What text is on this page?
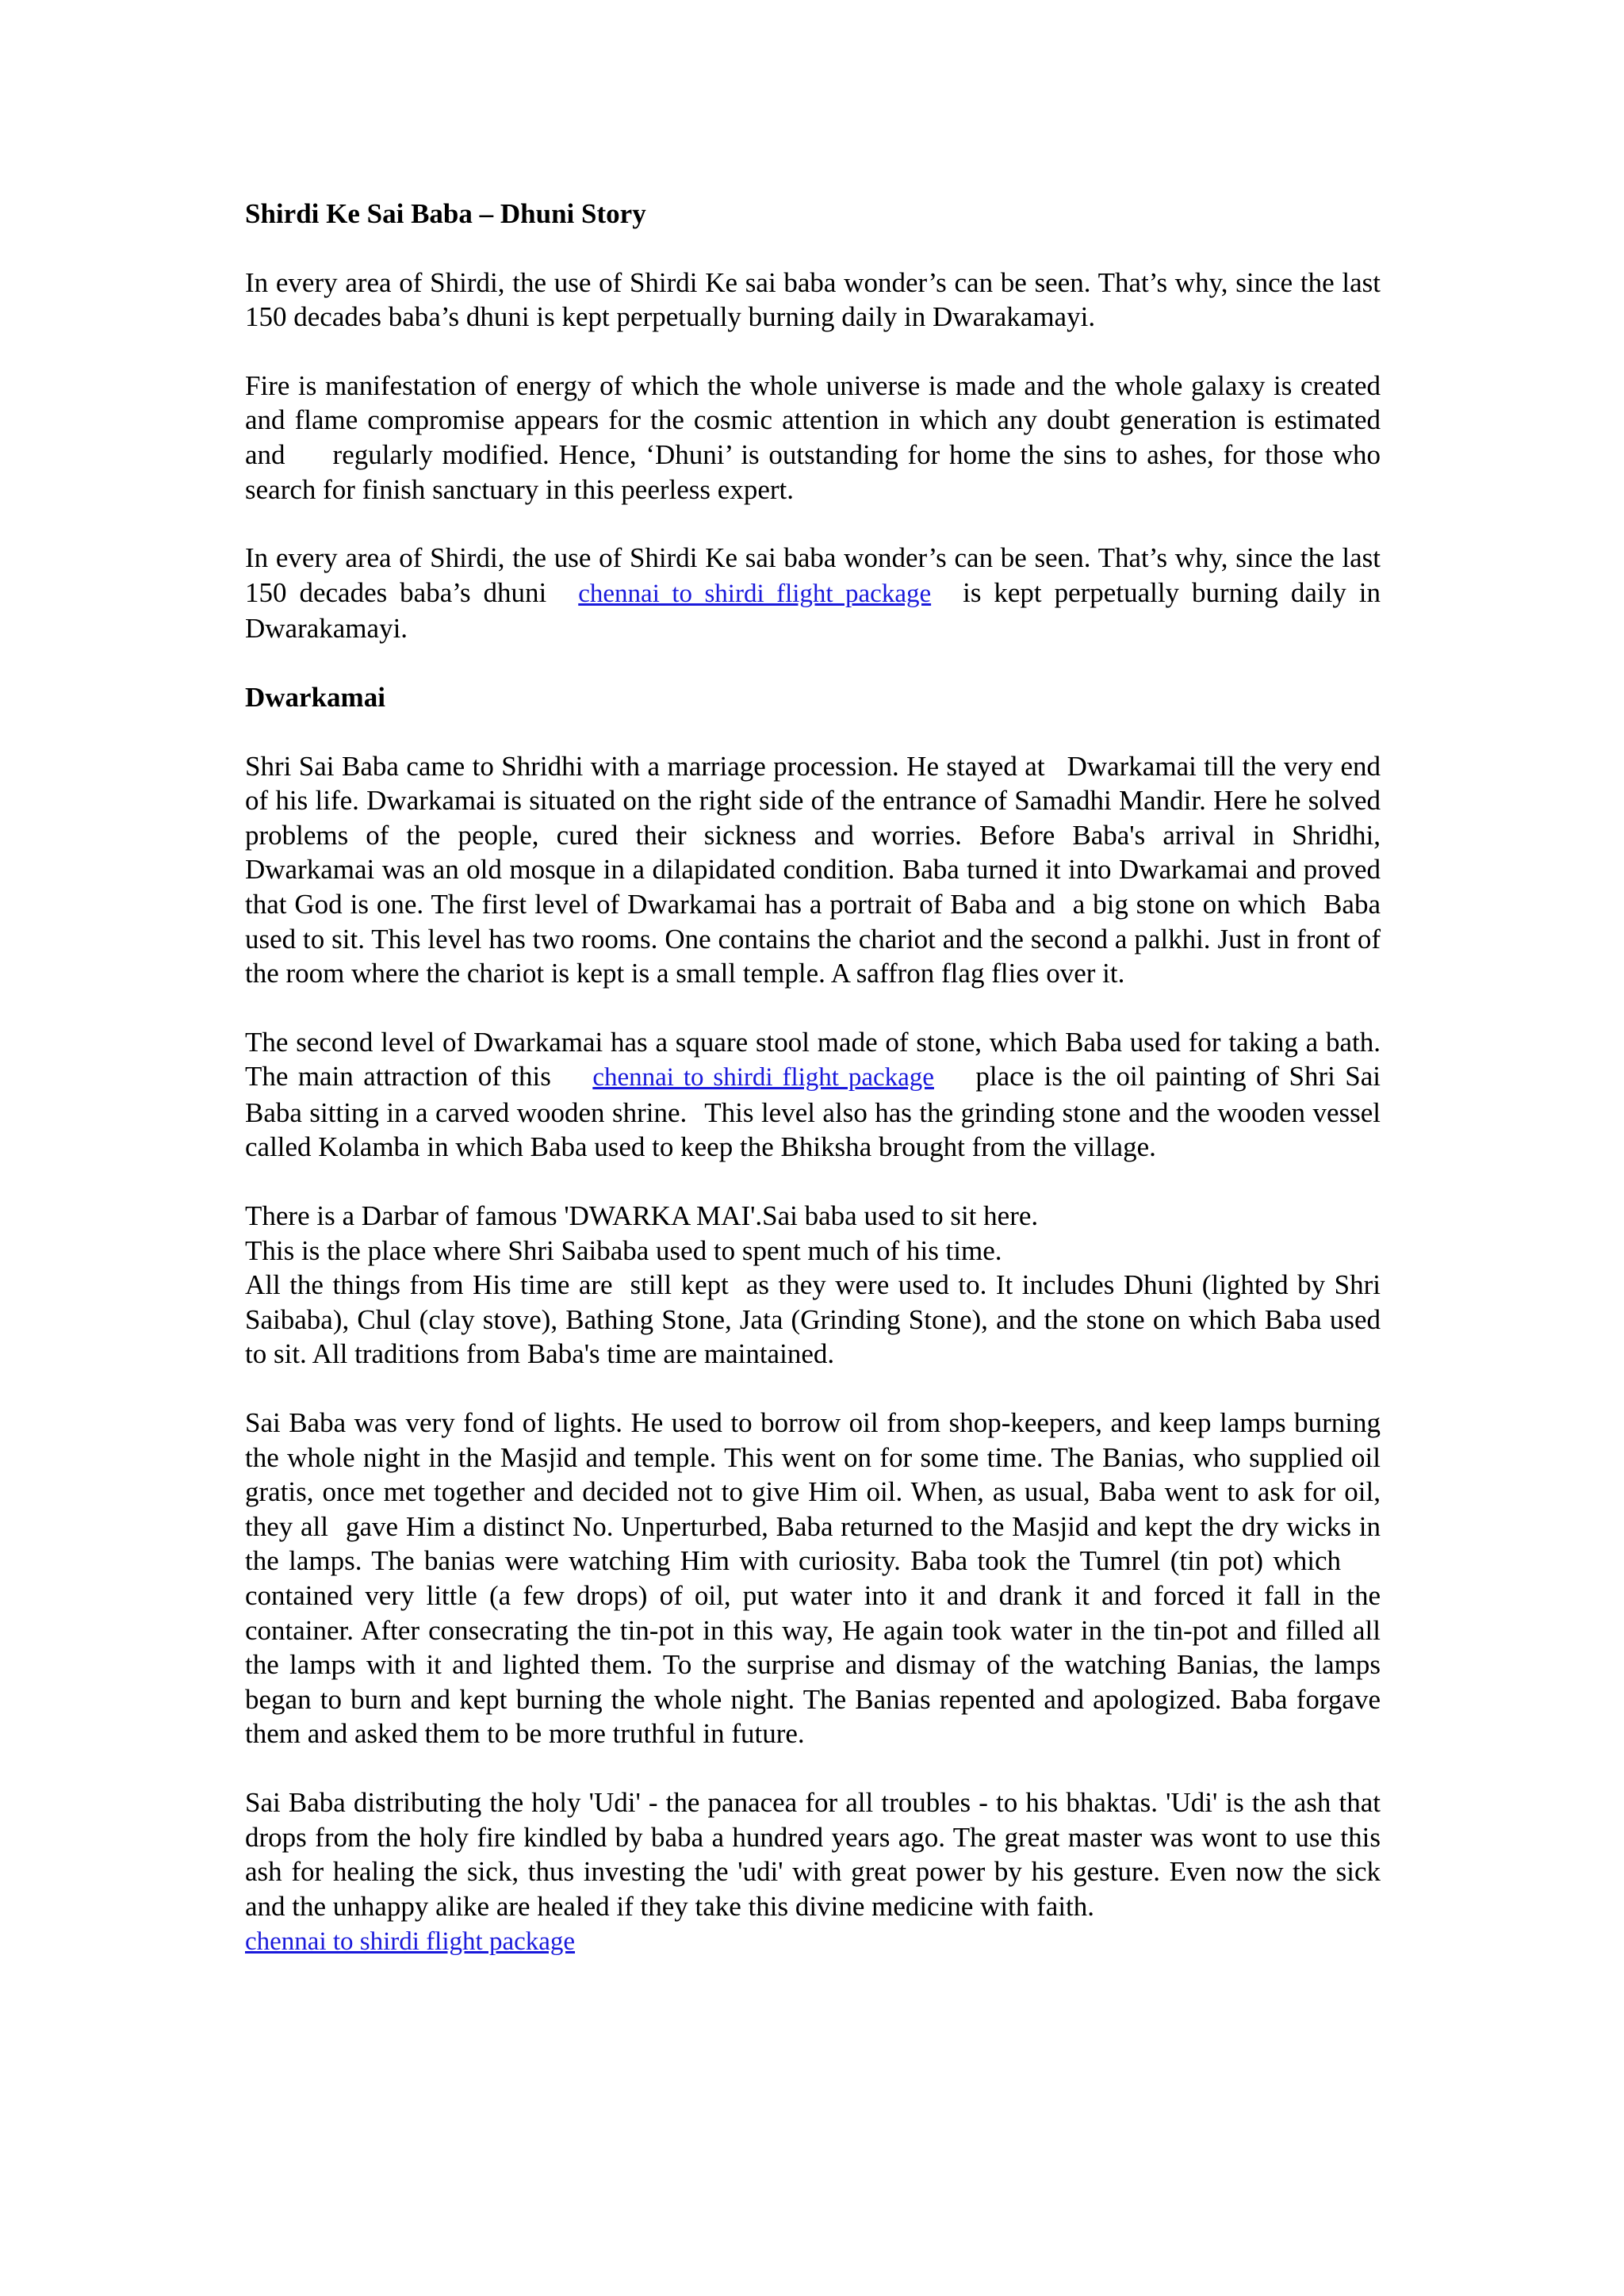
Shirdi Ke Sai Baba – Dhuni Story
In every area of Shirdi, the use of Shirdi Ke sai baba wonder’s can be seen. That’s why, since the last 150 decades baba’s dhuni is kept perpetually burning daily in Dwarakamayi.
Fire is manifestation of energy of which the whole universe is made and the whole galaxy is created and flame compromise appears for the cosmic attention in which any doubt generation is estimated and regularly modified. Hence, ‘Dhuni’ is outstanding for home the sins to ashes, for those who search for finish sanctuary in this peerless expert.
In every area of Shirdi, the use of Shirdi Ke sai baba wonder’s can be seen. That’s why, since the last 150 decades baba’s dhuni chennai to shirdi flight package is kept perpetually burning daily in Dwarakamayi.
Dwarkamai
Shri Sai Baba came to Shridhi with a marriage procession. He stayed at Dwarkamai till the very end of his life. Dwarkamai is situated on the right side of the entrance of Samadhi Mandir. Here he solved problems of the people, cured their sickness and worries. Before Baba's arrival in Shridhi, Dwarkamai was an old mosque in a dilapidated condition. Baba turned it into Dwarkamai and proved that God is one. The first level of Dwarkamai has a portrait of Baba and a big stone on which Baba used to sit. This level has two rooms. One contains the chariot and the second a palkhi. Just in front of the room where the chariot is kept is a small temple. A saffron flag flies over it.
The second level of Dwarkamai has a square stool made of stone, which Baba used for taking a bath. The main attraction of this chennai to shirdi flight package place is the oil painting of Shri Sai Baba sitting in a carved wooden shrine. This level also has the grinding stone and the wooden vessel called Kolamba in which Baba used to keep the Bhiksha brought from the village.
There is a Darbar of famous 'DWARKA MAI'.Sai baba used to sit here.
This is the place where Shri Saibaba used to spent much of his time.
All the things from His time are still kept as they were used to. It includes Dhuni (lighted by Shri Saibaba), Chul (clay stove), Bathing Stone, Jata (Grinding Stone), and the stone on which Baba used to sit. All traditions from Baba's time are maintained.
Sai Baba was very fond of lights. He used to borrow oil from shop-keepers, and keep lamps burning the whole night in the Masjid and temple. This went on for some time. The Banias, who supplied oil gratis, once met together and decided not to give Him oil. When, as usual, Baba went to ask for oil, they all gave Him a distinct No. Unperturbed, Baba returned to the Masjid and kept the dry wicks in the lamps. The banias were watching Him with curiosity. Baba took the Tumrel (tin pot) whichcontained very little (a few drops) of oil, put water into it and drank it and forced it fall in the container. After consecrating the tin-pot in this way, He again took water in the tin-pot and filled all the lamps with it and lighted them. To the surprise and dismay of the watching Banias, the lamps began to burn and kept burning the whole night. The Banias repented and apologized. Baba forgave them and asked them to be more truthful in future.
Sai Baba distributing the holy 'Udi' - the panacea for all troubles - to his bhaktas. 'Udi' is the ash that drops from the holy fire kindled by baba a hundred years ago. The great master was wont to use this ash for healing the sick, thus investing the 'udi' with great power by his gesture. Even now the sick and the unhappy alike are healed if they take this divine medicine with faith.
chennai to shirdi flight package
